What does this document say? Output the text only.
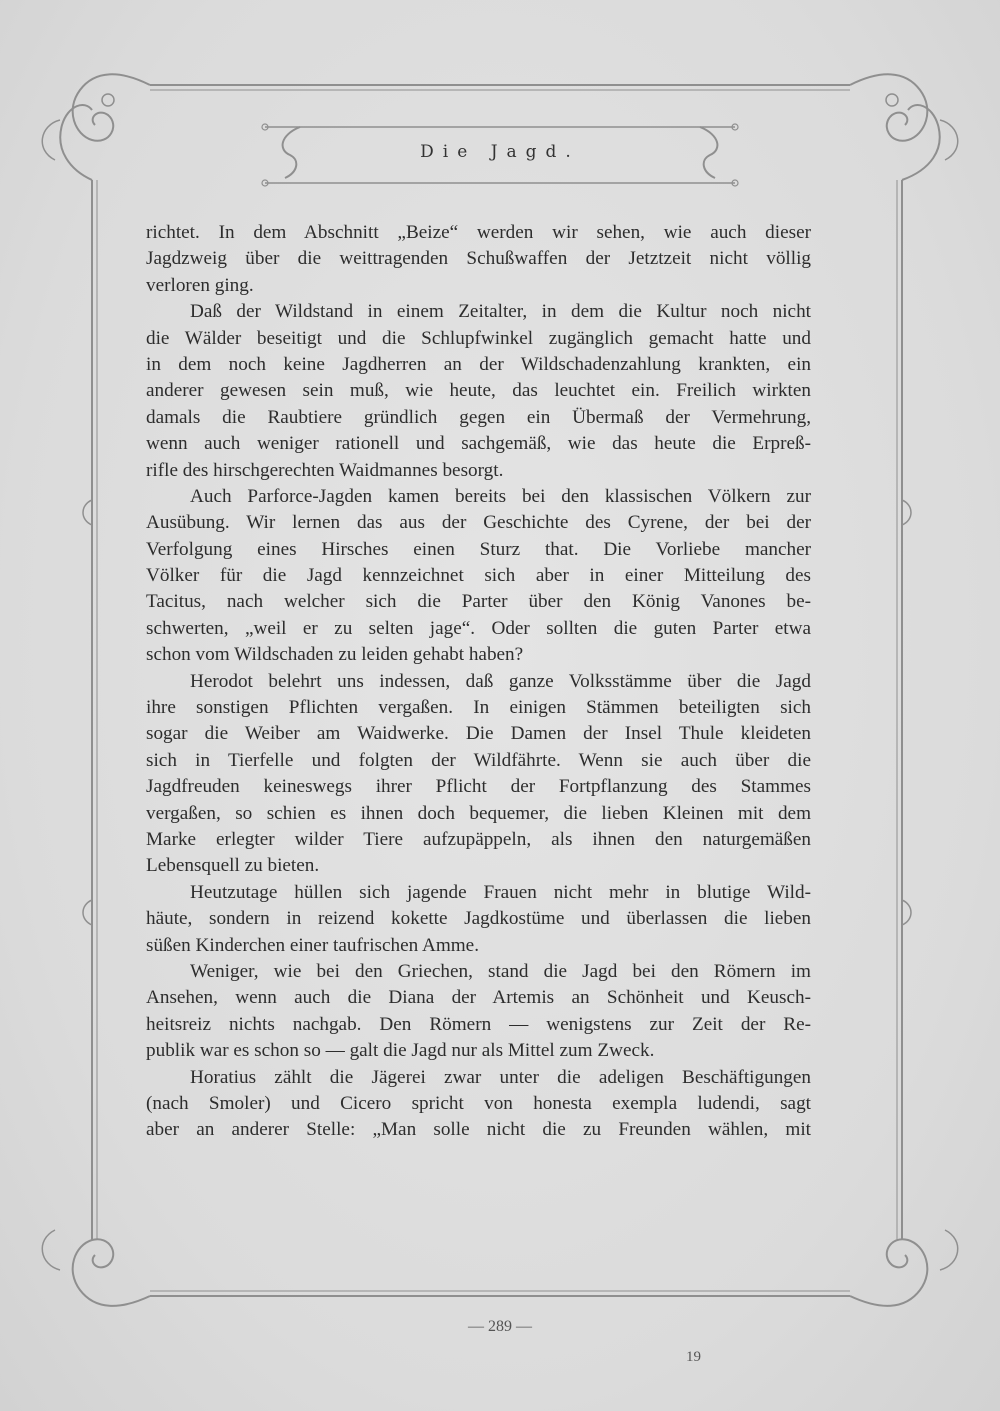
Die Jagd.

richtet. In dem Abschnitt „Beize“ werden wir sehen, wie auch dieser
Jagdzweig über die weittragenden Schußwaffen der Jetztzeit nicht völlig
verloren ging.

Daß der Wildstand in einem Zeitalter, in dem die Kultur noch nicht
die Wälder beseitigt und die Schlupfwinkel zugänglich gemacht hatte und
in dem noch keine Jagdherren an der Wildschadenzahlung krankten, ein
anderer gewesen sein muß, wie heute, das leuchtet ein. Freilich wirkten
damals die Raubtiere gründlich gegen ein Übermaß der Vermehrung,
wenn auch weniger rationell und sachgemäß, wie das heute die Erpreß-
rifle des hirschgerechten Waidmannes besorgt.

Auch Parforce-Jagden kamen bereits bei den klassischen Völkern zur
Ausübung. Wir lernen das aus der Geschichte des Cyrene, der bei der
Verfolgung eines Hirsches einen Sturz that. Die Vorliebe mancher
Völker für die Jagd kennzeichnet sich aber in einer Mitteilung des
Tacitus, nach welcher sich die Parter über den König Vanones be-
schwerten, „weil er zu selten jage“. Oder sollten die guten Parter etwa
schon vom Wildschaden zu leiden gehabt haben?

Herodot belehrt uns indessen, daß ganze Volksstämme über die Jagd
ihre sonstigen Pflichten vergaßen. In einigen Stämmen beteiligten sich
sogar die Weiber am Waidwerke. Die Damen der Insel Thule kleideten
sich in Tierfelle und folgten der Wildfährte. Wenn sie auch über die
Jagdfreuden keineswegs ihrer Pflicht der Fortpflanzung des Stammes
vergaßen, so schien es ihnen doch bequemer, die lieben Kleinen mit dem
Marke erlegter wilder Tiere aufzupäppeln, als ihnen den naturgemäßen
Lebensquell zu bieten.

Heutzutage hüllen sich jagende Frauen nicht mehr in blutige Wild-
häute, sondern in reizend kokette Jagdkostüme und überlassen die lieben
süßen Kinderchen einer taufrischen Amme.

Weniger, wie bei den Griechen, stand die Jagd bei den Römern im
Ansehen, wenn auch die Diana der Artemis an Schönheit und Keusch-
heitsreiz nichts nachgab. Den Römern — wenigstens zur Zeit der Re-
publik war es schon so — galt die Jagd nur als Mittel zum Zweck.

Horatius zählt die Jägerei zwar unter die adeligen Beschäftigungen
(nach Smoler) und Cicero spricht von honesta exempla ludendi, sagt
aber an anderer Stelle: „Man solle nicht die zu Freunden wählen, mit

— 289 —
19
